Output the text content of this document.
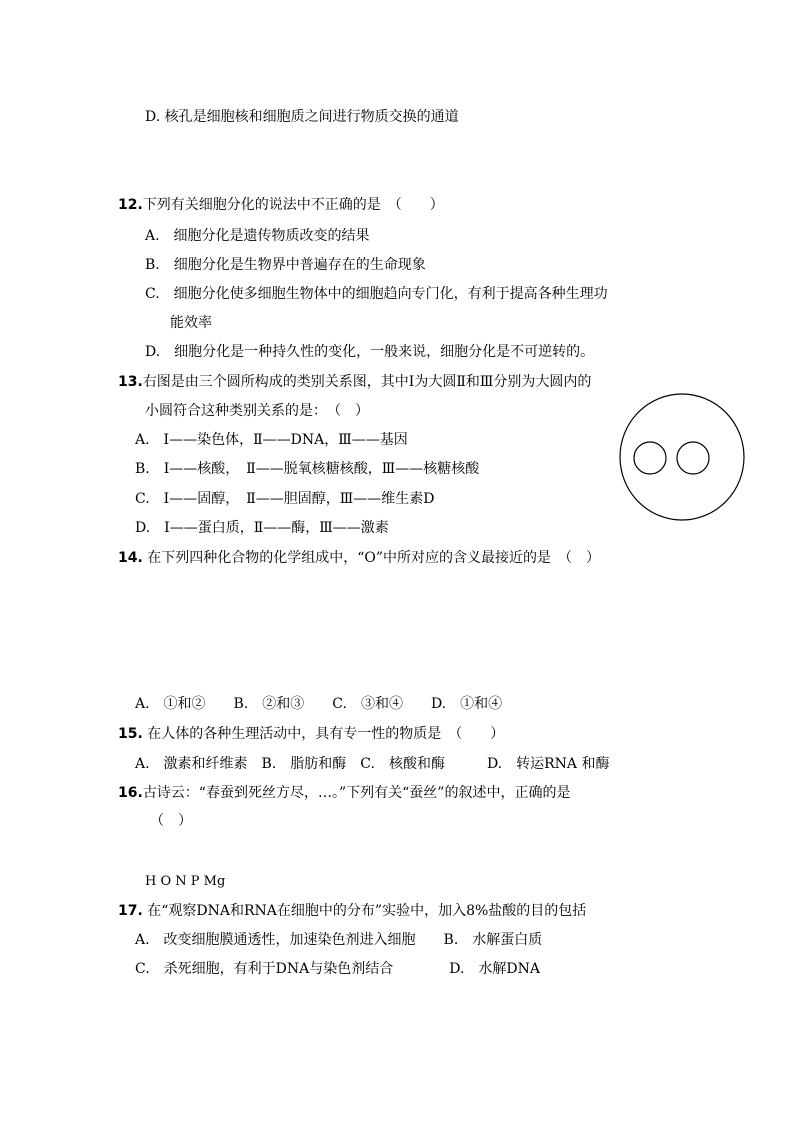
D. 核孔是细胞核和细胞质之间进行物质交换的通道
12.下列有关细胞分化的说法中不正确的是　（　　）
A.　细胞分化是遗传物质改变的结果
B.　细胞分化是生物界中普遍存在的生命现象
C.　细胞分化使多细胞生物体中的细胞趋向专门化，有利于提高各种生理功
能效率
D.　细胞分化是一种持久性的变化，一般来说，细胞分化是不可逆转的。
13.右图是由三个圆所构成的类别关系图，其中Ⅰ为大圆Ⅱ和Ⅲ分别为大圆内的
小圆符合这种类别关系的是：　（　）
A.　Ⅰ——染色体，Ⅱ——DNA，Ⅲ——基因
B.　Ⅰ——核酸，　Ⅱ——脱氧核糖核酸，Ⅲ——核糖核酸
C.　Ⅰ——固醇，　Ⅱ——胆固醇，Ⅲ——维生素D
D.　Ⅰ——蛋白质，Ⅱ——酶，Ⅲ——激素
14. 在下列四种化合物的化学组成中，“O”中所对应的含义最接近的是　（　）
A.　①和②　　B.　②和③　　C.　③和④　　D.　①和④
15. 在人体的各种生理活动中，具有专一性的物质是　（　　）
A.　激素和纤维素　B.　脂肪和酶　C.　核酸和酶　　　D.　转运RNA 和酶
16.古诗云：“春蚕到死丝方尽，…。”下列有关“蚕丝”的叙述中，正确的是
（　）
H O N P Mg
17. 在“观察DNA和RNA在细胞中的分布”实验中，加入8%盐酸的目的包括
A.　改变细胞膜通透性，加速染色剂进入细胞　　B.　水解蛋白质
C.　杀死细胞，有利于DNA与染色剂结合　　　　D.　水解DNA
